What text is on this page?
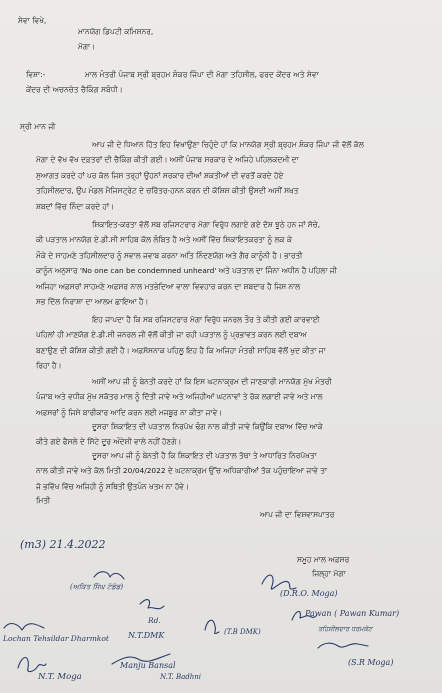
ਸੇਵਾ ਵਿਖੇ,
ਮਾਨਯੋਗ ਡਿਪਟੀ ਕਮਿਸ਼ਨਰ,
ਮੋਗਾ।
ਵਿਸ਼ਾ:-	ਮਾਲ ਮੰਤਰੀ ਪੰਜਾਬ ਸ੍ਰੀ ਬ੍ਰਹਮ ਸ਼ੰਕਰ ਜਿੰਪਾ ਦੀ ਮੋਗਾ ਤਹਿਸੀਲ, ਫਰਦ ਕੇਂਦਰ ਅਤੇ ਸੇਵਾ
ਕੇਂਦਰ ਦੀ ਅਚਨਚੇਤ ਚੈਕਿੰਗ ਸਬੰਧੀ।
ਸ੍ਰੀ ਮਾਨ ਜੀ

ਆਪ ਜੀ ਦੇ ਧਿਆਨ ਹਿੱਤ ਇਹ ਵਿਖਾਉਣਾ ਚਿਹੁੰਦੇ ਹਾਂ ਕਿ ਮਾਨਯੋਗ ਸ੍ਰੀ ਬ੍ਰਹਮ ਸ਼ੰਕਰ ਜਿੰਪਾ ਜੀ ਵੱਲੋਂ ਕੱਲ

ਮੋਗਾ ਦੇ ਵੱਖ ਵੱਖ ਦਫ਼ਤਰਾਂ ਦੀ ਚੈਕਿੰਗ ਕੀਤੀ ਗਈ। ਅਸੀਂ ਪੰਜਾਬ ਸਰਕਾਰ ਦੇ ਅਜਿਹੇ ਪਹਿਲਕਦਮੀ ਦਾ

ਸੁਆਗਤ ਕਰਦੇ ਹਾਂ ਪਰ ਕੱਲ ਜਿਸ ਤਰ੍ਹਾਂ ਉਹਨਾਂ ਸਰਕਾਰ ਦੀਆਂ ਸ਼ਕਤੀਆਂ ਦੀ ਵਰਤੋਂ ਕਰਦੇ ਹੋਏ

ਤਹਿਸੀਲਦਾਰ, ਉਪ ਮੰਡਲ ਮੈਜਿਸਟ੍ਰੇਟ ਦੇ ਚਰਿੱਤਰ-ਹਨਨ ਕਰਨ ਦੀ ਕੋਸ਼ਿਸ਼ ਕੀਤੀ ਉਸਦੀ ਅਸੀਂ ਸਖ਼ਤ

ਸ਼ਬਦਾਂ ਵਿੱਚ ਨਿੰਦਾ ਕਰਦੇ ਹਾਂ।

ਸ਼ਿਕਾਇਤ-ਕਰਤਾ ਵੱਲੋਂ ਸਬ ਰਜਿਸਟਰਾਰ ਮੋਗਾ ਵਿਰੁੱਧ ਲਗਾਏ ਗਏ ਦੋਸ਼ ਝੂਠੇ ਹਨ ਜਾਂ ਸੱਚੇ,

ਕੀ ਪੜਤਾਲ ਮਾਨਯੋਗ ਏ.ਡੀ.ਸੀ ਸਾਹਿਬ ਕੋਲ ਲੰਬਿਤ ਹੈ ਅਤੇ ਅਸੀਂ ਵਿੱਚ ਸ਼ਿਕਾਇਤਕਰਤਾ ਨੂੰ ਲਕ ਕੇ

ਮੌਕੇ ਦੇ ਸਾਹਮਣੇ ਤਹਿਸੀਲਦਾਰ ਨੂੰ ਸਵਾਲ ਜਵਾਬ ਕਰਨਾ ਅਤਿ ਨਿੰਦਣਯੋਗ ਅਤੇ ਗੈਰ ਕਾਨੂੰਨੀ ਹੈ। ਭਾਰਤੀ

ਕਾਨੂੰਨ ਅਨੁਸਾਰ 'No one can be condemned unheard' ਅਤੇ ਪੜਤਾਲ ਦਾ ਜਿੰਨਾ ਅਧੀਨ ਹੈ ਪਹਿਲਾ ਜੀ

ਅਜਿਹਾ ਅਫ਼ਸਰਾਂ ਸਾਹਮਣੇ ਅਫ਼ਸਰ ਨਾਲ ਮਤਭੇਦਿਆ ਵਾਲਾ ਵਿਵਹਾਰ ਕਰਨ ਦਾ ਸ਼ਬਦਾਰ ਹੈ ਜਿਸ ਨਾਲ

ਸਭ ਦਿੱਲ ਨਿਰਾਸ਼ਾ ਦਾ ਆਲਮ ਛਾਇਆ ਹੈ।

ਇਹ ਜਾਪਦਾ ਹੈ ਕਿ ਸਬ ਰਜਿਸਟਰਾਰ ਮੋਗਾ ਵਿਰੁੱਧ ਜਨਰਲ ਤੌਰ ਤੇ ਕੀਤੀ ਗਈ ਕਾਰਵਾਈ

ਪਹਿਲਾਂ ਹੀ ਮਾਣਯੋਗ ਏ.ਡੀ.ਸੀ ਜਨਰਲ ਜੀ ਵੱਲੋਂ ਕੀਤੀ ਜਾ ਰਹੀ ਪੜਤਾਲ ਨੂੰ ਪ੍ਰਭਾਵਤ ਕਰਨ ਲਈ ਦਬਾਅ

ਬਣਾਉਣ ਦੀ ਕੋਸ਼ਿਸ਼ ਕੀਤੀ ਗਈ ਹੈ। ਅਫ਼ਸੋਸਨਾਕ ਪਹਿਲੂ ਇਹ ਹੈ ਕਿ ਅਜਿਹਾ ਮੰਤਰੀ ਸਾਹਿਬ ਵੱਲੋਂ ਖੁਦ ਕੀਤਾ ਜਾ

ਰਿਹਾ ਹੈ।

ਅਸੀਂ ਆਪ ਜੀ ਨੂੰ ਬੇਨਤੀ ਕਰਦੇ ਹਾਂ ਕਿ ਇਸ ਘਟਨਾਕ੍ਰਮ ਦੀ ਜਾਣਕਾਰੀ ਮਾਨਯੋਗ ਮੁੱਖ ਮੰਤਰੀ

ਪੰਜਾਬ ਅਤੇ ਵਧੀਕ ਮੁੱਖ ਸਕੱਤਰ ਮਾਲ ਨੂੰ ਦਿੱਤੀ ਜਾਵੇ ਅਤੇ ਅਜਿਹੀਆਂ ਘਟਨਾਵਾਂ ਤੇ ਰੋਕ ਲਗਾਈ ਜਾਵੇ ਅਤੇ ਮਾਲ

ਅਫ਼ਸਰਾਂ ਨੂੰ ਜਿਸੇ ਬਾਰੀਕਾਰ ਆਦਿ ਕਰਨ ਲਈ ਮਜਬੂਰ ਨਾ ਕੀਤਾ ਜਾਵੇ।

ਦੂਸਰਾ ਸ਼ਿਕਾਇਤ ਦੀ ਪੜਤਾਲ ਨਿਰਪੱਖ ਢੰਗ ਨਾਲ ਕੀਤੀ ਜਾਵੇ ਕਿਉਂਕਿ ਦਬਾਅ ਵਿੱਚ ਆਕੇ

ਕੀਤੇ ਗਏ ਫੈਸਲੇ ਦੇ ਸਿੱਟੇ ਦੂਰ ਅੰਦੇਸ਼ੀ ਵਾਲੇ ਨਹੀਂ ਹੋਣਗੇ।

ਦੂਸਰਾ ਆਪ ਜੀ ਨੂੰ ਬੇਨਤੀ ਹੈ ਕਿ ਸ਼ਿਕਾਇਤ ਦੀ ਪੜਤਾਲ ਤੱਥਾ ਤੇ ਆਧਾਰਿਤ ਨਿਰਪੱਖਤਾ

ਨਾਲ ਕੀਤੀ ਜਾਵੇ ਅਤੇ ਕੱਲ ਮਿਤੀ 20/04/2022 ਦੇ ਘਟਨਾਕ੍ਰਮ ਉੱਚ ਅਧਿਕਾਰੀਆਂ ਤੱਕ ਪਹੁੰਚਾਇਆ ਜਾਵੇ ਤਾ

ਜੋ ਭਵਿੱਖ ਵਿੱਚ ਅਜਿਹੀ ਨੂੰ ਸਥਿਤੀ ਉਤਪੰਨ ਖਤਮ ਨਾ ਹੋਵੇ।

ਮਿਤੀ
ਆਪ ਜੀ ਦਾ ਵਿਸ਼ਵਾਸਪਾਤਰ
ਸਮੂਹ ਮਾਲ ਅਫ਼ਸਰ
ਜਿਲ੍ਹਾ ਮੋਗਾ
(m3) 21.4.2022
(ਅਕਿਤ ਸਿੰਘ ਟੰਡੰਡ)
(D.R.O. Moga)
Pawan ( Pawan Kumar)
ਤਹਿਸੀਲਦਾਰ ਧਰਮਕੋਟ
Rd.
N.T.DMK	(T.B DMK)
Lochan Tehsildar Dharmkot
N.T. Moga
Manju Bansal
N.T. Badhni
(S.R Moga)
